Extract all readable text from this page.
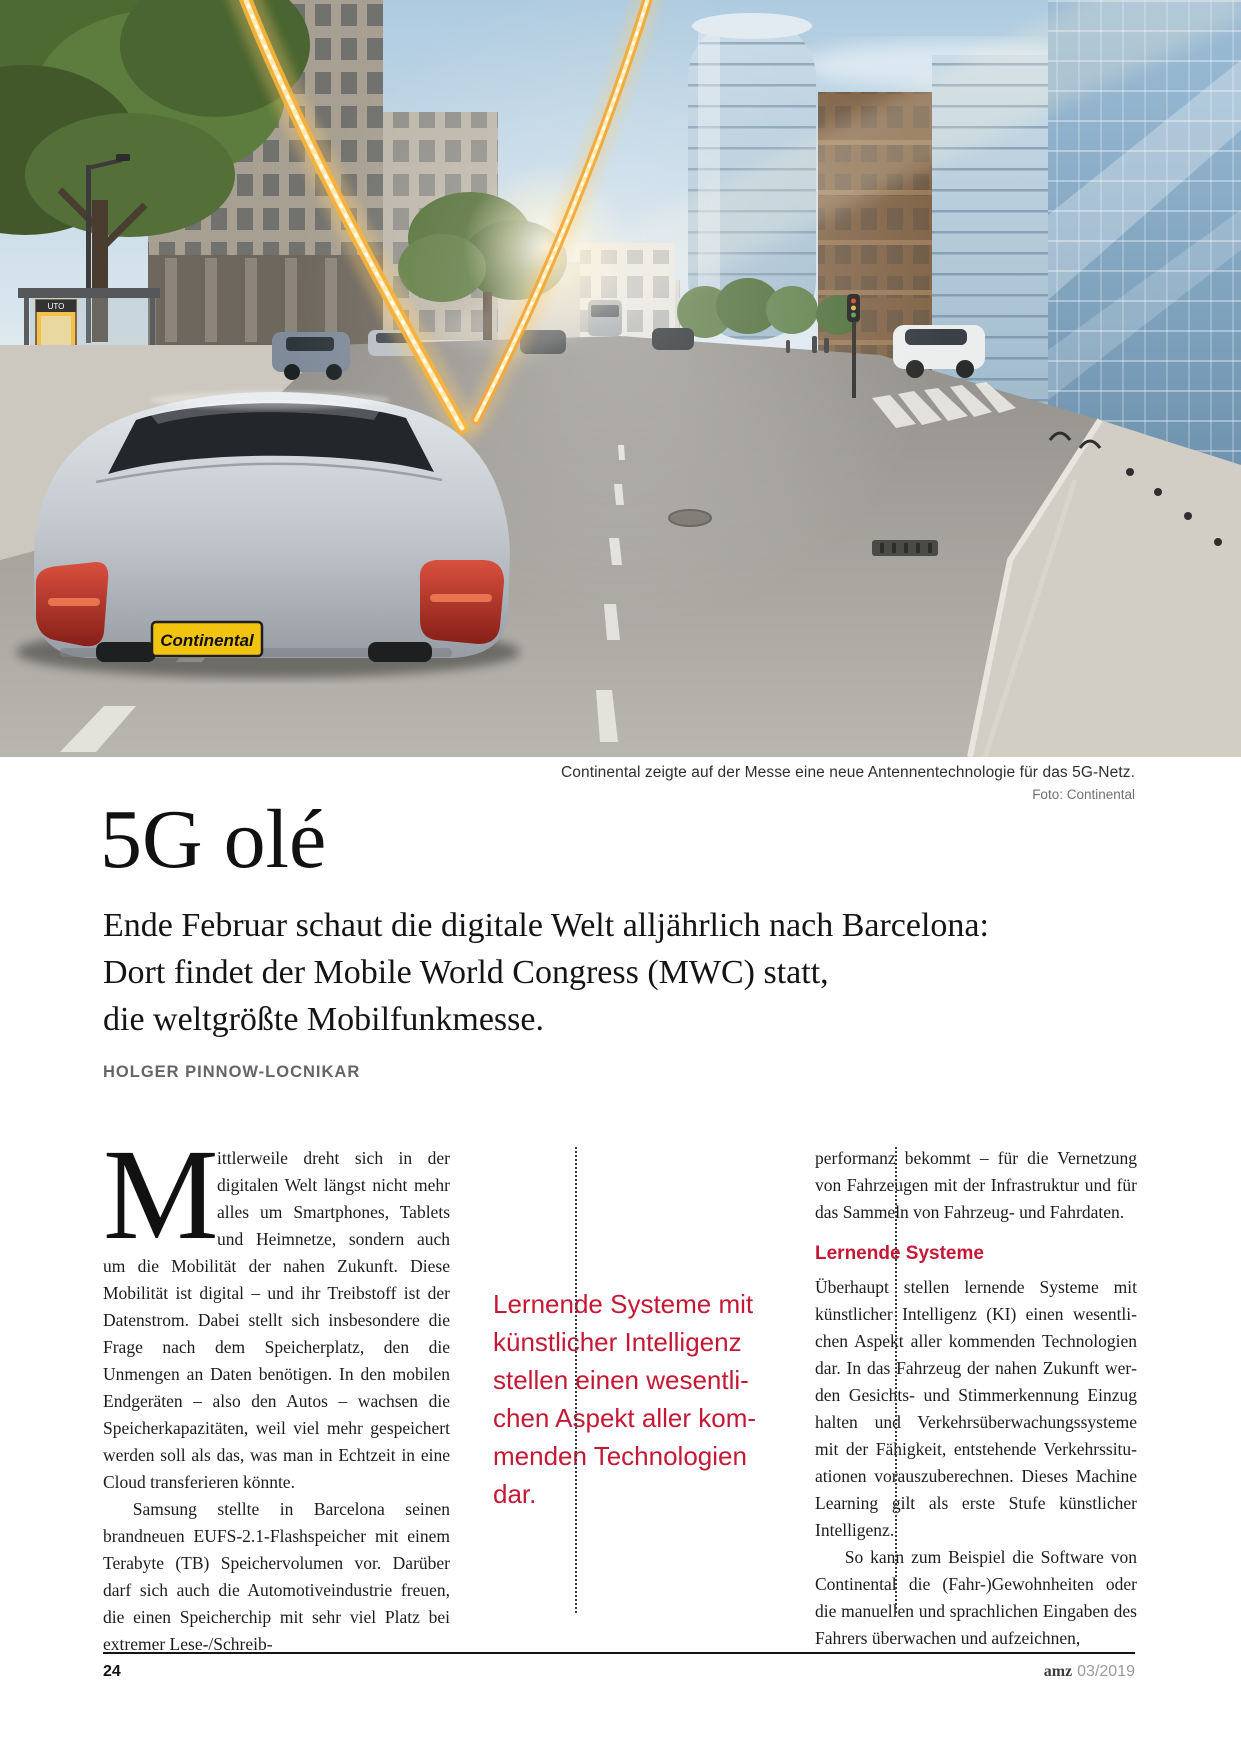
UTO
Continental
Continental zeigte auf der Messe eine neue Antennentechnologie für das 5G-Netz.
Foto: Continental
5G olé
Ende Februar schaut die digitale Welt alljährlich nach Barcelona:
Dort findet der Mobile World Congress (MWC) statt,
die weltgrößte Mobilfunkmesse.
HOLGER PINNOW-LOCNIKAR

M
ittlerweile dreht sich in der digitalen Welt längst nicht mehr alles um Smartphones, Tablets und Heimnetze, sondern auch um die Mobilität der nahen Zukunft. Diese Mobilität ist digital – und ihr Treibstoff ist der Datenstrom. Dabei stellt sich insbesondere die Frage nach dem Speicherplatz, den die Unmengen an Daten benötigen. In den mobilen Endgeräten – also den Autos – wachsen die Speicherkapazitäten, weil viel mehr gespeichert werden soll als das, was man in Echtzeit in eine Cloud transferieren könnte.

Samsung stellte in Barcelona seinen brandneuen EUFS-2.1-Flashspeicher mit einem Terabyte (TB) Speichervolumen vor. Darüber darf sich auch die Automotiveindustrie freuen, die einen Speicherchip mit sehr viel Platz bei extremer Lese-/Schreib-

Lernende Systeme mit
künstlicher Intelligenz
stellen einen wesentli-
chen Aspekt aller kom-
menden Technologien
dar.

performanz bekommt – für die Vernetzung von Fahrzeugen mit der Infrastruktur und für das Sammeln von Fahrzeug- und Fahrdaten.

Lernende Systeme

Überhaupt stellen lernende Systeme mit künstlicher Intelligenz (KI) einen wesentlichen Aspekt aller kommenden Technologien dar. In das Fahrzeug der nahen Zukunft werden Gesichts- und Stimmerkennung Einzug halten und Verkehrsüberwachungssysteme mit der Fähigkeit, entstehende Verkehrssituationen vorauszuberechnen. Dieses Machine Learning gilt als erste Stufe künstlicher Intelligenz.

So kann zum Beispiel die Software von Continental die (Fahr-)Gewohnheiten oder die manuellen und sprachlichen Eingaben des Fahrers überwachen und aufzeichnen,

24	amz 03/2019
